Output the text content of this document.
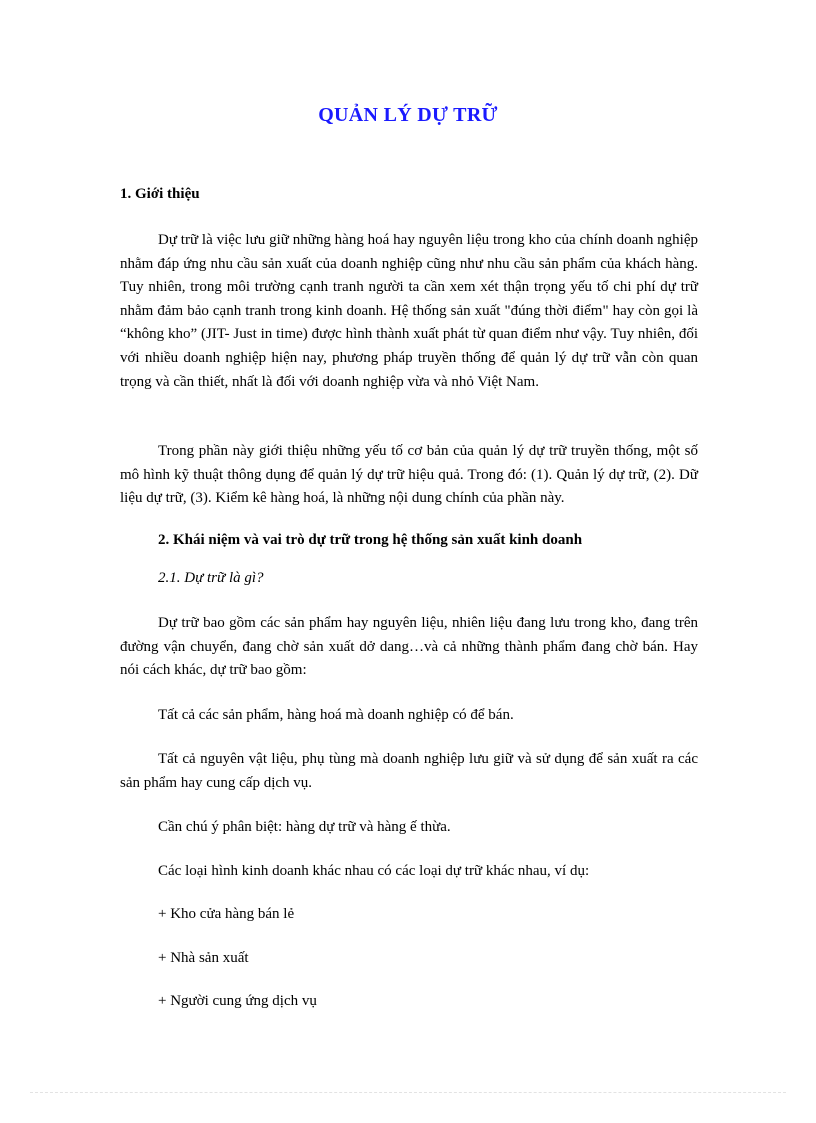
QUẢN LÝ DỰ TRỮ
1. Giới thiệu

Dự trữ là việc lưu giữ những hàng hoá hay nguyên liệu trong kho của chính doanh nghiệp nhằm đáp ứng nhu cầu sản xuất của doanh nghiệp cũng như nhu cầu sản phẩm của khách hàng. Tuy nhiên, trong môi trường cạnh tranh người ta cần xem xét thận trọng yếu tố chi phí dự trữ nhằm đảm bảo cạnh tranh trong kinh doanh. Hệ thống sản xuất "đúng thời điểm" hay còn gọi là “không kho” (JIT- Just in time) được hình thành xuất phát từ quan điểm như vậy. Tuy nhiên, đối với nhiều doanh nghiệp hiện nay, phương pháp truyền thống để quản lý dự trữ vẫn còn quan trọng và cần thiết, nhất là đối với doanh nghiệp vừa và nhỏ Việt Nam.

Trong phần này giới thiệu những yếu tố cơ bản của quản lý dự trữ truyền thống, một số mô hình kỹ thuật thông dụng để quản lý dự trữ hiệu quả. Trong đó: (1). Quản lý dự trữ, (2). Dữ liệu dự trữ, (3). Kiểm kê hàng hoá, là những nội dung chính của phần này.

2. Khái niệm và vai trò dự trữ trong hệ thống sản xuất kinh doanh
2.1. Dự trữ là gì?

Dự trữ bao gồm các sản phẩm hay nguyên liệu, nhiên liệu đang lưu trong kho, đang trên đường vận chuyển, đang chờ sản xuất dở dang…và cả những thành phẩm đang chờ bán. Hay nói cách khác, dự trữ bao gồm:

Tất cả các sản phẩm, hàng hoá mà doanh nghiệp có để bán.

Tất cả nguyên vật liệu, phụ tùng mà doanh nghiệp lưu giữ và sử dụng để sản xuất ra các sản phẩm hay cung cấp dịch vụ.

Cần chú ý phân biệt: hàng dự trữ và hàng ế thừa.
Các loại hình kinh doanh khác nhau có các loại dự trữ khác nhau, ví dụ:
+ Kho cửa hàng bán lẻ
+ Nhà sản xuất
+ Người cung ứng dịch vụ
